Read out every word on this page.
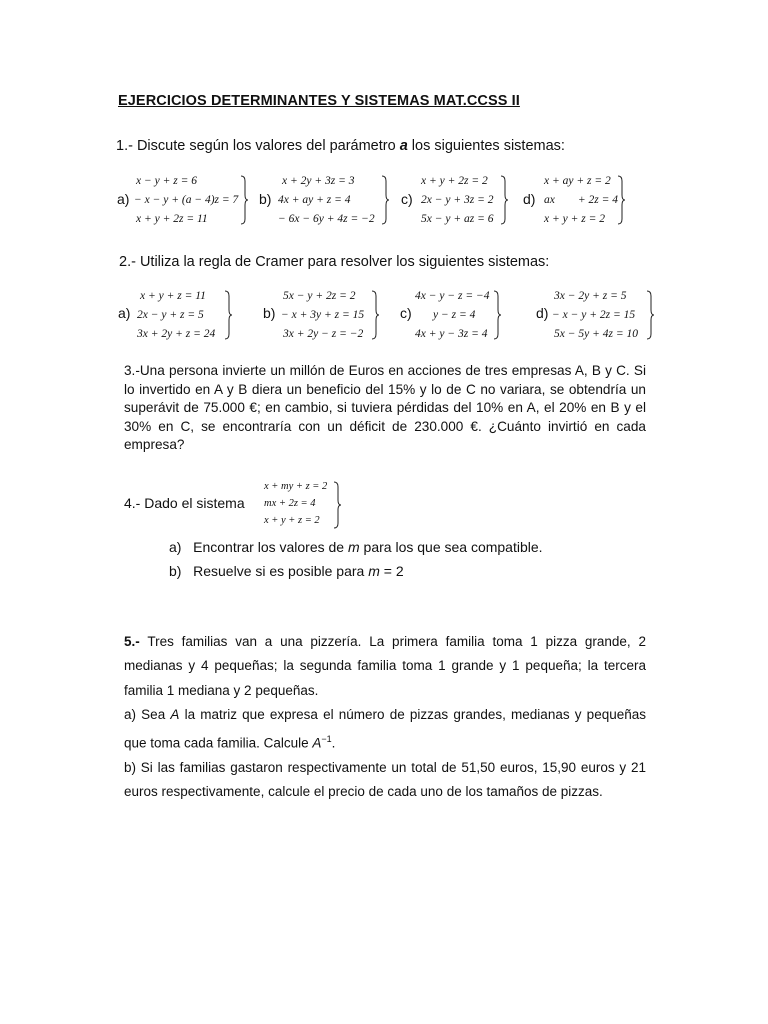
EJERCICIOS DETERMINANTES Y SISTEMAS MAT.CCSS II
1.- Discute según los valores del parámetro a los siguientes sistemas:
a)
x − y + z = 6
− x − y + (a − 4)z = 7
x + y + 2z = 11
b)
x + 2y + 3z = 3
4x + ay + z = 4
− 6x − 6y + 4z = −2
c)
x + y + 2z = 2
2x − y + 3z = 2
5x − y + az = 6
d)
x + ay + z = 2
ax        + 2z = 4
x + y + z = 2
2.- Utiliza la regla de Cramer para resolver los siguientes sistemas:
a)
x + y + z = 11
2x − y + z = 5
3x + 2y + z = 24
b)
5x − y + 2z = 2
− x + 3y + z = 15
3x + 2y − z = −2
c)
4x − y − z = −4
y − z = 4
4x + y − 3z = 4
d)
3x − 2y + z = 5
− x − y + 2z = 15
5x − 5y + 4z = 10
3.-Una persona invierte un millón de Euros en acciones de tres empresas A, B y C. Si lo invertido en A y B diera un beneficio del 15% y lo de C no variara, se obtendría un superávit de 75.000 €; en cambio, si tuviera pérdidas del 10% en A, el 20% en B y el 30% en C, se encontraría con un déficit de 230.000 €. ¿Cuánto invirtió en cada empresa?
4.- Dado el sistema
x + my + z = 2
mx + 2z = 4
x + y + z = 2
a) Encontrar los valores de m para los que sea compatible.
b) Resuelve si es posible para m = 2
5.- Tres familias van a una pizzería. La primera familia toma 1 pizza grande, 2 medianas y 4 pequeñas; la segunda familia toma 1 grande y 1 pequeña; la tercera familia 1 mediana y 2 pequeñas.
a) Sea A la matriz que expresa el número de pizzas grandes, medianas y pequeñas que toma cada familia. Calcule $A^{-1}$.
b) Si las familias gastaron respectivamente un total de 51,50 euros, 15,90 euros y 21 euros respectivamente, calcule el precio de cada uno de los tamaños de pizzas.
